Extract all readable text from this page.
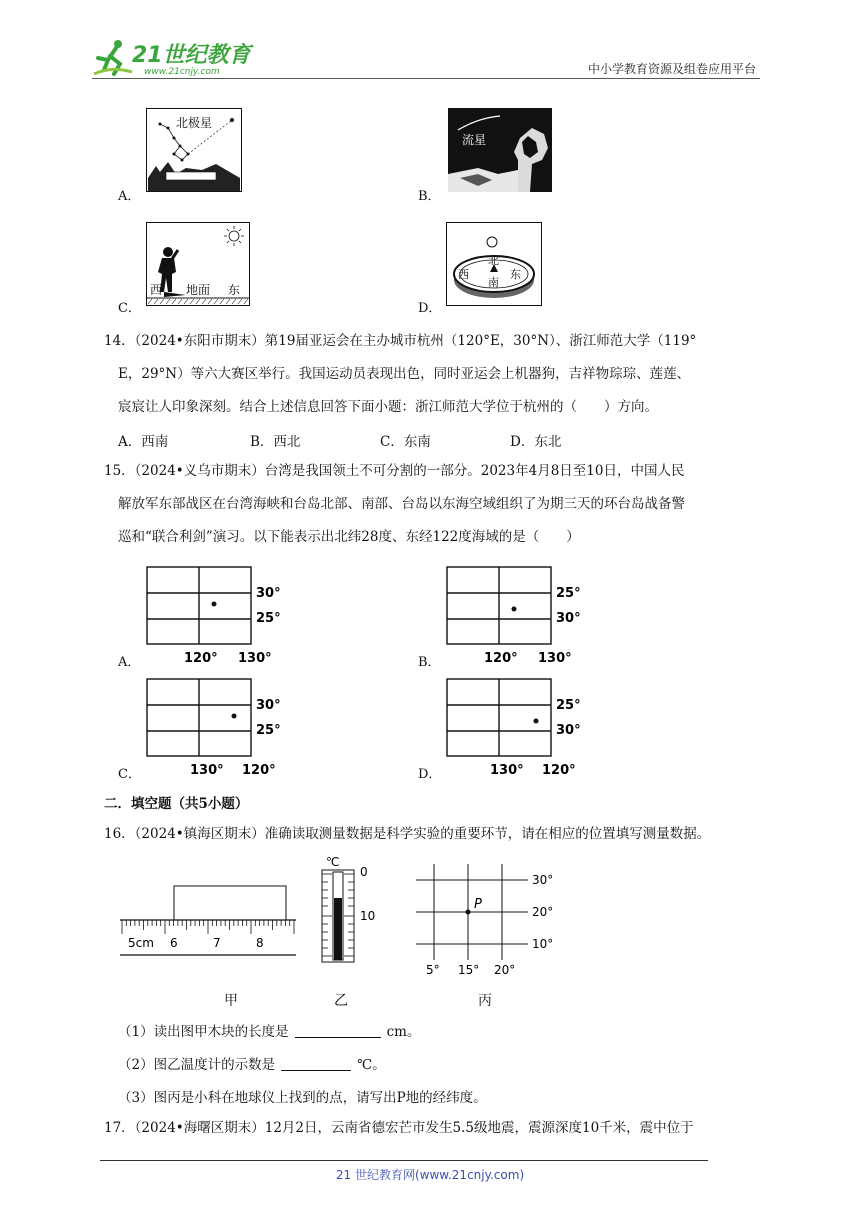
21世纪教育
www.21cnjy.com	中小学教育资源及组卷应用平台
A．
北极星
B．
流星
C．
西 地面 东
D．
北
南
西	东

14．（2024•东阳市期末）第19届亚运会在主办城市杭州（120°E，30°N）、浙江师范大学（119°

E，29°N）等六大赛区举行。我国运动员表现出色，同时亚运会上机器狗，吉祥物琮琮、莲莲、

宸宸让人印象深刻。结合上述信息回答下面小题：浙江师范大学位于杭州的（　　）方向。

A．西南	B．西北	C．东南	D．东北

15．（2024•义乌市期末）台湾是我国领土不可分割的一部分。2023年4月8日至10日，中国人民

解放军东部战区在台湾海峡和台岛北部、南部、台岛以东海空域组织了为期三天的环台岛战备警

巡和“联合利剑”演习。以下能表示出北纬28度、东经122度海域的是（　　）

A．
30°
25°
120° 130°	B．
25°
30°
120° 130°
C．
30°
25°
130° 120°	D．
25°
30°
130° 120°
二．填空题（共5小题）

16．（2024•镇海区期末）准确读取测量数据是科学实验的重要环节，请在相应的位置填写测量数据。

5cm 6	7	8
℃
0
10
P
30°
20°
10°
5° 15° 20°
甲	乙	丙
（1）读出图甲木块的长度是	cm。
（2）图乙温度计的示数是	℃。
（3）图丙是小科在地球仪上找到的点，请写出P地的经纬度。

17．（2024•海曙区期末）12月2日，云南省德宏芒市发生5.5级地震，震源深度10千米，震中位于

21 世纪教育网(www.21cnjy.com)
